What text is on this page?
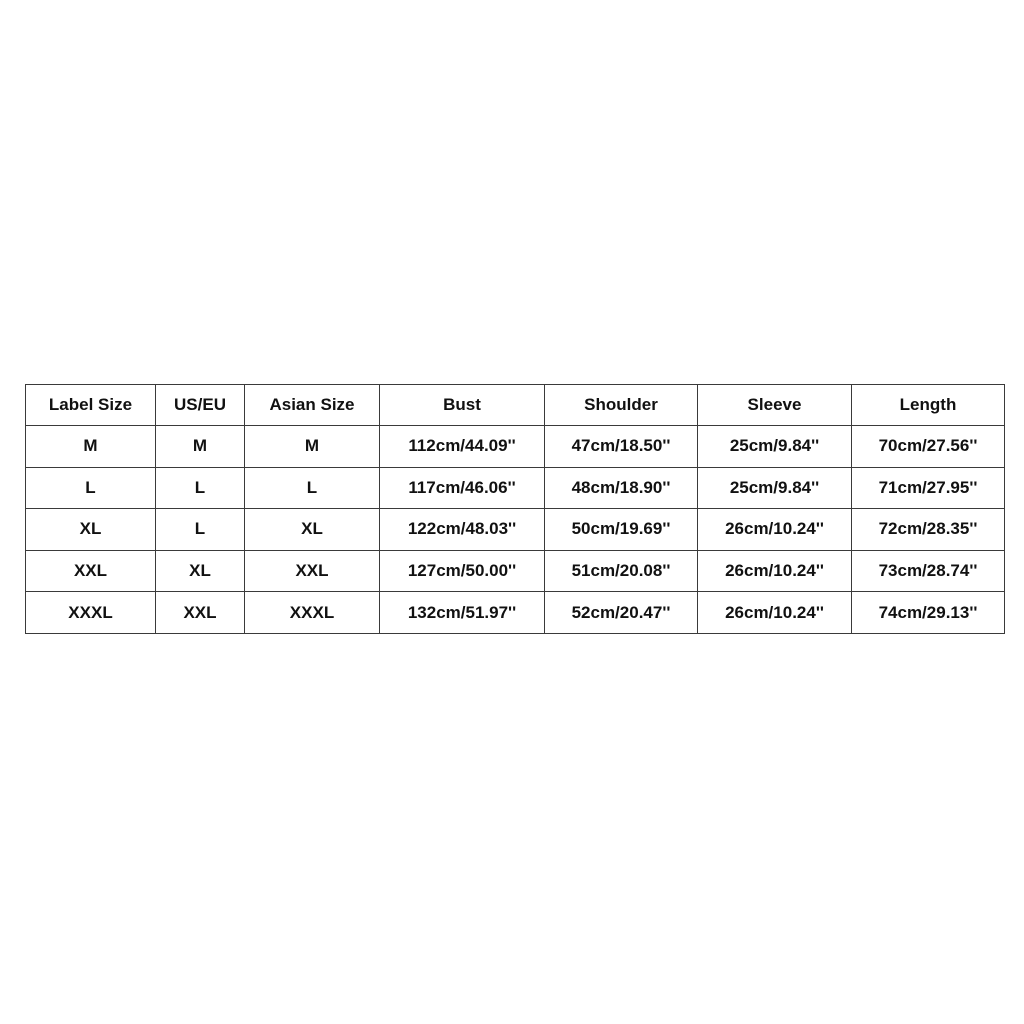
Label Size	US/EU	Asian Size	Bust	Shoulder	Sleeve	Length
M	M	M	112cm/44.09''	47cm/18.50''	25cm/9.84''	70cm/27.56''
L	L	L	117cm/46.06''	48cm/18.90''	25cm/9.84''	71cm/27.95''
XL	L	XL	122cm/48.03''	50cm/19.69''	26cm/10.24''	72cm/28.35''
XXL	XL	XXL	127cm/50.00''	51cm/20.08''	26cm/10.24''	73cm/28.74''
XXXL	XXL	XXXL	132cm/51.97''	52cm/20.47''	26cm/10.24''	74cm/29.13''
